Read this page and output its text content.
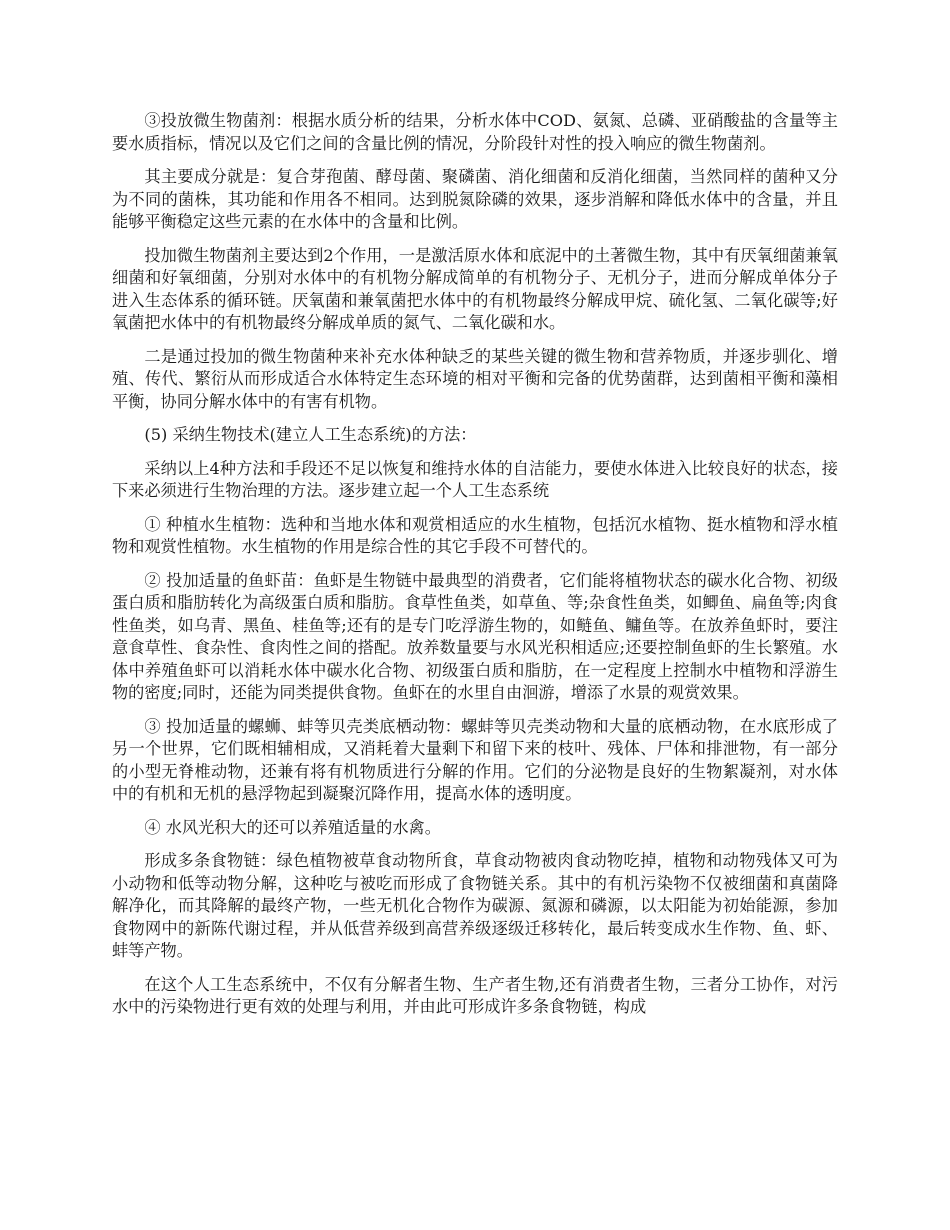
③投放微生物菌剂：根据水质分析的结果，分析水体中COD、氨氮、总磷、亚硝酸盐的含量等主要水质指标，情况以及它们之间的含量比例的情况，分阶段针对性的投入响应的微生物菌剂。

其主要成分就是：复合芽孢菌、酵母菌、聚磷菌、消化细菌和反消化细菌，当然同样的菌种又分为不同的菌株，其功能和作用各不相同。达到脱氮除磷的效果，逐步消解和降低水体中的含量，并且能够平衡稳定这些元素的在水体中的含量和比例。

投加微生物菌剂主要达到2个作用，一是激活原水体和底泥中的土著微生物，其中有厌氧细菌兼氧细菌和好氧细菌，分别对水体中的有机物分解成简单的有机物分子、无机分子，进而分解成单体分子进入生态体系的循环链。厌氧菌和兼氧菌把水体中的有机物最终分解成甲烷、硫化氢、二氧化碳等;好氧菌把水体中的有机物最终分解成单质的氮气、二氧化碳和水。

二是通过投加的微生物菌种来补充水体种缺乏的某些关键的微生物和营养物质，并逐步驯化、增殖、传代、繁衍从而形成适合水体特定生态环境的相对平衡和完备的优势菌群，达到菌相平衡和藻相平衡，协同分解水体中的有害有机物。

(5) 采纳生物技术(建立人工生态系统)的方法：

采纳以上4种方法和手段还不足以恢复和维持水体的自洁能力，要使水体进入比较良好的状态，接下来必须进行生物治理的方法。逐步建立起一个人工生态系统

① 种植水生植物：选种和当地水体和观赏相适应的水生植物，包括沉水植物、挺水植物和浮水植物和观赏性植物。水生植物的作用是综合性的其它手段不可替代的。

② 投加适量的鱼虾苗：鱼虾是生物链中最典型的消费者，它们能将植物状态的碳水化合物、初级蛋白质和脂肪转化为高级蛋白质和脂肪。食草性鱼类，如草鱼、等;杂食性鱼类，如鲫鱼、扁鱼等;肉食性鱼类，如乌青、黑鱼、桂鱼等;还有的是专门吃浮游生物的，如鲢鱼、鳙鱼等。在放养鱼虾时，要注意食草性、食杂性、食肉性之间的搭配。放养数量要与水风光积相适应;还要控制鱼虾的生长繁殖。水体中养殖鱼虾可以消耗水体中碳水化合物、初级蛋白质和脂肪，在一定程度上控制水中植物和浮游生物的密度;同时，还能为同类提供食物。鱼虾在的水里自由洄游，增添了水景的观赏效果。

③ 投加适量的螺蛳、蚌等贝壳类底栖动物：螺蚌等贝壳类动物和大量的底栖动物，在水底形成了另一个世界，它们既相辅相成，又消耗着大量剩下和留下来的枝叶、残体、尸体和排泄物，有一部分的小型无脊椎动物，还兼有将有机物质进行分解的作用。它们的分泌物是良好的生物絮凝剂，对水体中的有机和无机的悬浮物起到凝聚沉降作用，提高水体的透明度。

④ 水风光积大的还可以养殖适量的水禽。

形成多条食物链：绿色植物被草食动物所食，草食动物被肉食动物吃掉，植物和动物残体又可为小动物和低等动物分解，这种吃与被吃而形成了食物链关系。其中的有机污染物不仅被细菌和真菌降解净化，而其降解的最终产物，一些无机化合物作为碳源、氮源和磷源，以太阳能为初始能源，参加食物网中的新陈代谢过程，并从低营养级到高营养级逐级迁移转化，最后转变成水生作物、鱼、虾、蚌等产物。

在这个人工生态系统中，不仅有分解者生物、生产者生物,还有消费者生物，三者分工协作，对污水中的污染物进行更有效的处理与利用，并由此可形成许多条食物链，构成
